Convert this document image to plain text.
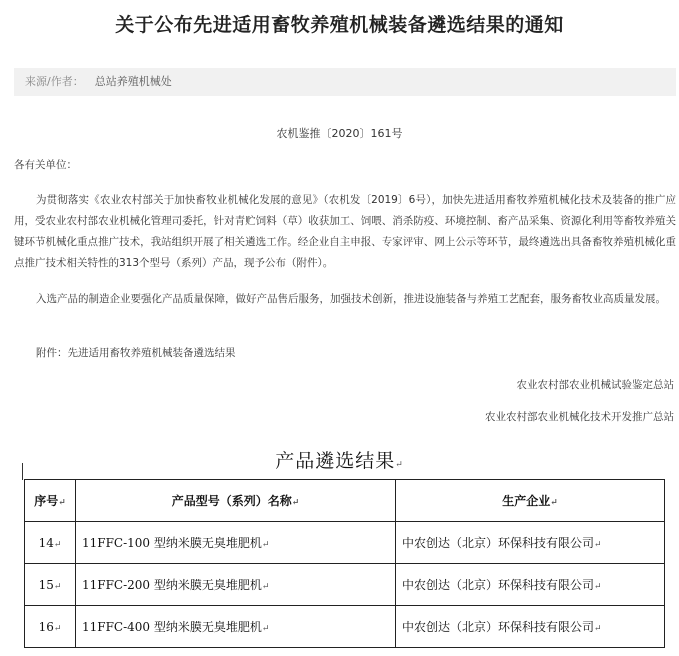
关于公布先进适用畜牧养殖机械装备遴选结果的通知
来源/作者： 总站养殖机械处
农机鉴推〔2020〕161号
各有关单位：
为贯彻落实《农业农村部关于加快畜牧业机械化发展的意见》（农机发〔2019〕6号），加快先进适用畜牧养殖机械化技术及装备的推广应用，受农业农村部农业机械化管理司委托，针对青贮饲料（草）收获加工、饲喂、消杀防疫、环境控制、畜产品采集、资源化利用等畜牧养殖关键环节机械化重点推广技术，我站组织开展了相关遴选工作。经企业自主申报、专家评审、网上公示等环节，最终遴选出具备畜牧养殖机械化重点推广技术相关特性的313个型号（系列）产品，现予公布（附件）。
入选产品的制造企业要强化产品质量保障，做好产品售后服务，加强技术创新，推进设施装备与养殖工艺配套，服务畜牧业高质量发展。
附件：先进适用畜牧养殖机械装备遴选结果
农业农村部农业机械试验鉴定总站
农业农村部农业机械化技术开发推广总站
产品遴选结果↵
序号↵	产品型号（系列）名称↵	生产企业↵
14↵	11FFC-100 型纳米膜无臭堆肥机↵	中农创达（北京）环保科技有限公司↵
15↵	11FFC-200 型纳米膜无臭堆肥机↵	中农创达（北京）环保科技有限公司↵
16↵	11FFC-400 型纳米膜无臭堆肥机↵	中农创达（北京）环保科技有限公司↵
